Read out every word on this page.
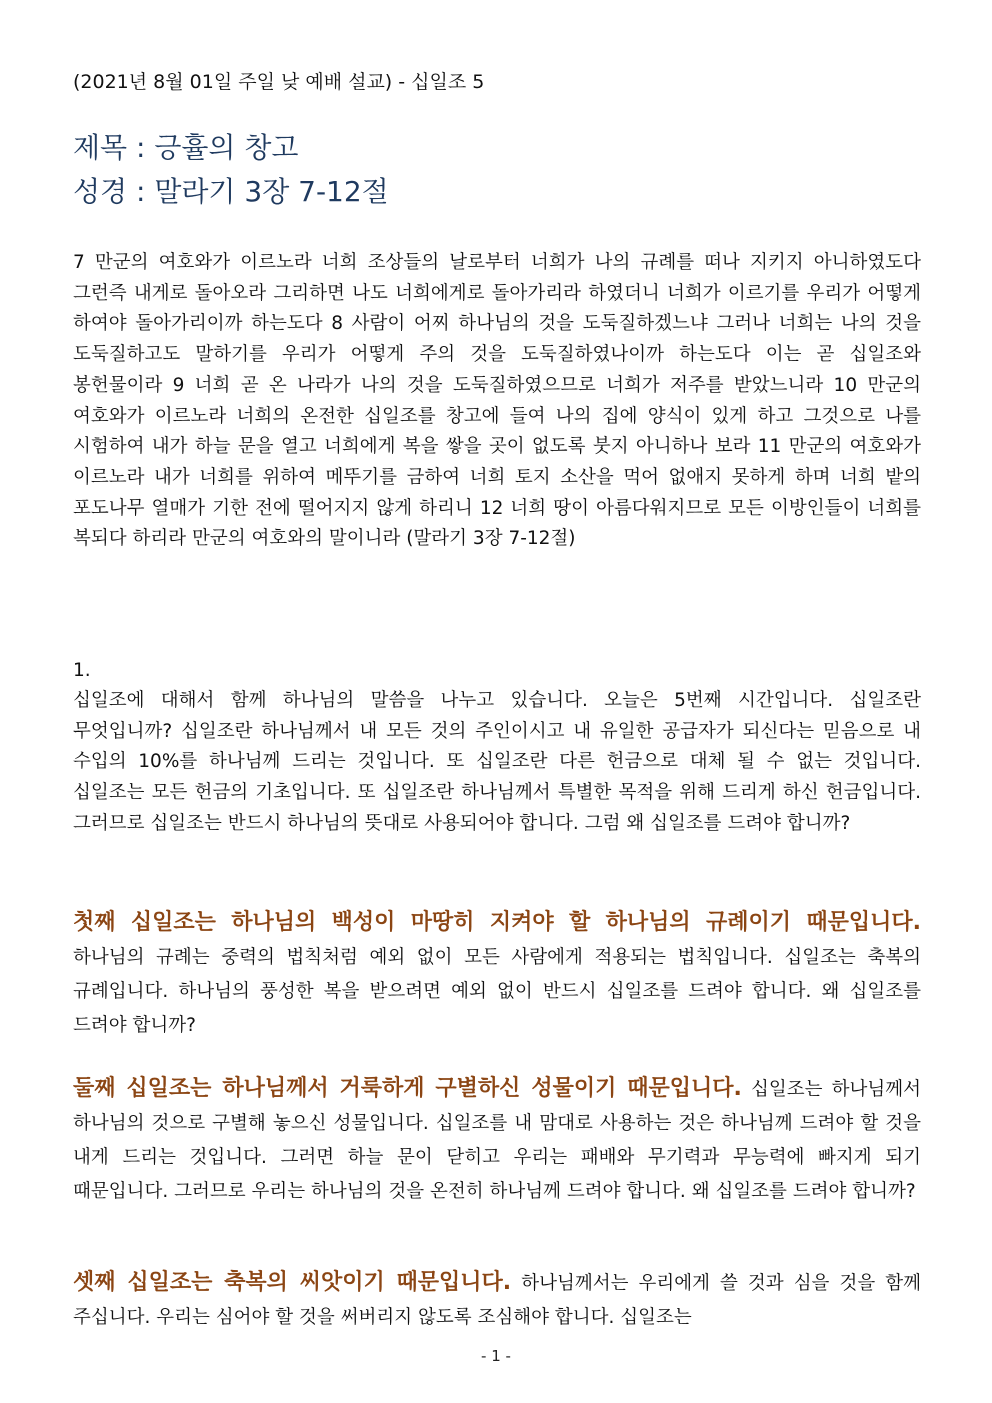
(2021년 8월 01일 주일 낮 예배 설교) - 십일조 5
제목 : 긍휼의 창고
성경 : 말라기 3장 7-12절
7 만군의 여호와가 이르노라 너희 조상들의 날로부터 너희가 나의 규례를 떠나 지키지 아니하였도다 그런즉 내게로 돌아오라 그리하면 나도 너희에게로 돌아가리라 하였더니 너희가 이르기를 우리가 어떻게 하여야 돌아가리이까 하는도다 8 사람이 어찌 하나님의 것을 도둑질하겠느냐 그러나 너희는 나의 것을 도둑질하고도 말하기를 우리가 어떻게 주의 것을 도둑질하였나이까 하는도다 이는 곧 십일조와 봉헌물이라 9 너희 곧 온 나라가 나의 것을 도둑질하였으므로 너희가 저주를 받았느니라 10 만군의 여호와가 이르노라 너희의 온전한 십일조를 창고에 들여 나의 집에 양식이 있게 하고 그것으로 나를 시험하여 내가 하늘 문을 열고 너희에게 복을 쌓을 곳이 없도록 붓지 아니하나 보라 11 만군의 여호와가 이르노라 내가 너희를 위하여 메뚜기를 금하여 너희 토지 소산을 먹어 없애지 못하게 하며 너희 밭의 포도나무 열매가 기한 전에 떨어지지 않게 하리니 12 너희 땅이 아름다워지므로 모든 이방인들이 너희를 복되다 하리라 만군의 여호와의 말이니라 (말라기 3장 7-12절)
1.
십일조에 대해서 함께 하나님의 말씀을 나누고 있습니다. 오늘은 5번째 시간입니다. 십일조란 무엇입니까? 십일조란 하나님께서 내 모든 것의 주인이시고 내 유일한 공급자가 되신다는 믿음으로 내 수입의 10%를 하나님께 드리는 것입니다. 또 십일조란 다른 헌금으로 대체 될 수 없는 것입니다. 십일조는 모든 헌금의 기초입니다. 또 십일조란 하나님께서 특별한 목적을 위해 드리게 하신 헌금입니다. 그러므로 십일조는 반드시 하나님의 뜻대로 사용되어야 합니다. 그럼 왜 십일조를 드려야 합니까?
첫째 십일조는 하나님의 백성이 마땅히 지켜야 할 하나님의 규례이기 때문입니다. 하나님의 규례는 중력의 법칙처럼 예외 없이 모든 사람에게 적용되는 법칙입니다. 십일조는 축복의 규례입니다. 하나님의 풍성한 복을 받으려면 예외 없이 반드시 십일조를 드려야 합니다. 왜 십일조를 드려야 합니까?
둘째 십일조는 하나님께서 거룩하게 구별하신 성물이기 때문입니다. 십일조는 하나님께서 하나님의 것으로 구별해 놓으신 성물입니다. 십일조를 내 맘대로 사용하는 것은 하나님께 드려야 할 것을 내게 드리는 것입니다. 그러면 하늘 문이 닫히고 우리는 패배와 무기력과 무능력에 빠지게 되기 때문입니다. 그러므로 우리는 하나님의 것을 온전히 하나님께 드려야 합니다. 왜 십일조를 드려야 합니까?
셋째 십일조는 축복의 씨앗이기 때문입니다. 하나님께서는 우리에게 쓸 것과 심을 것을 함께 주십니다. 우리는 심어야 할 것을 써버리지 않도록 조심해야 합니다. 십일조는
- 1 -
